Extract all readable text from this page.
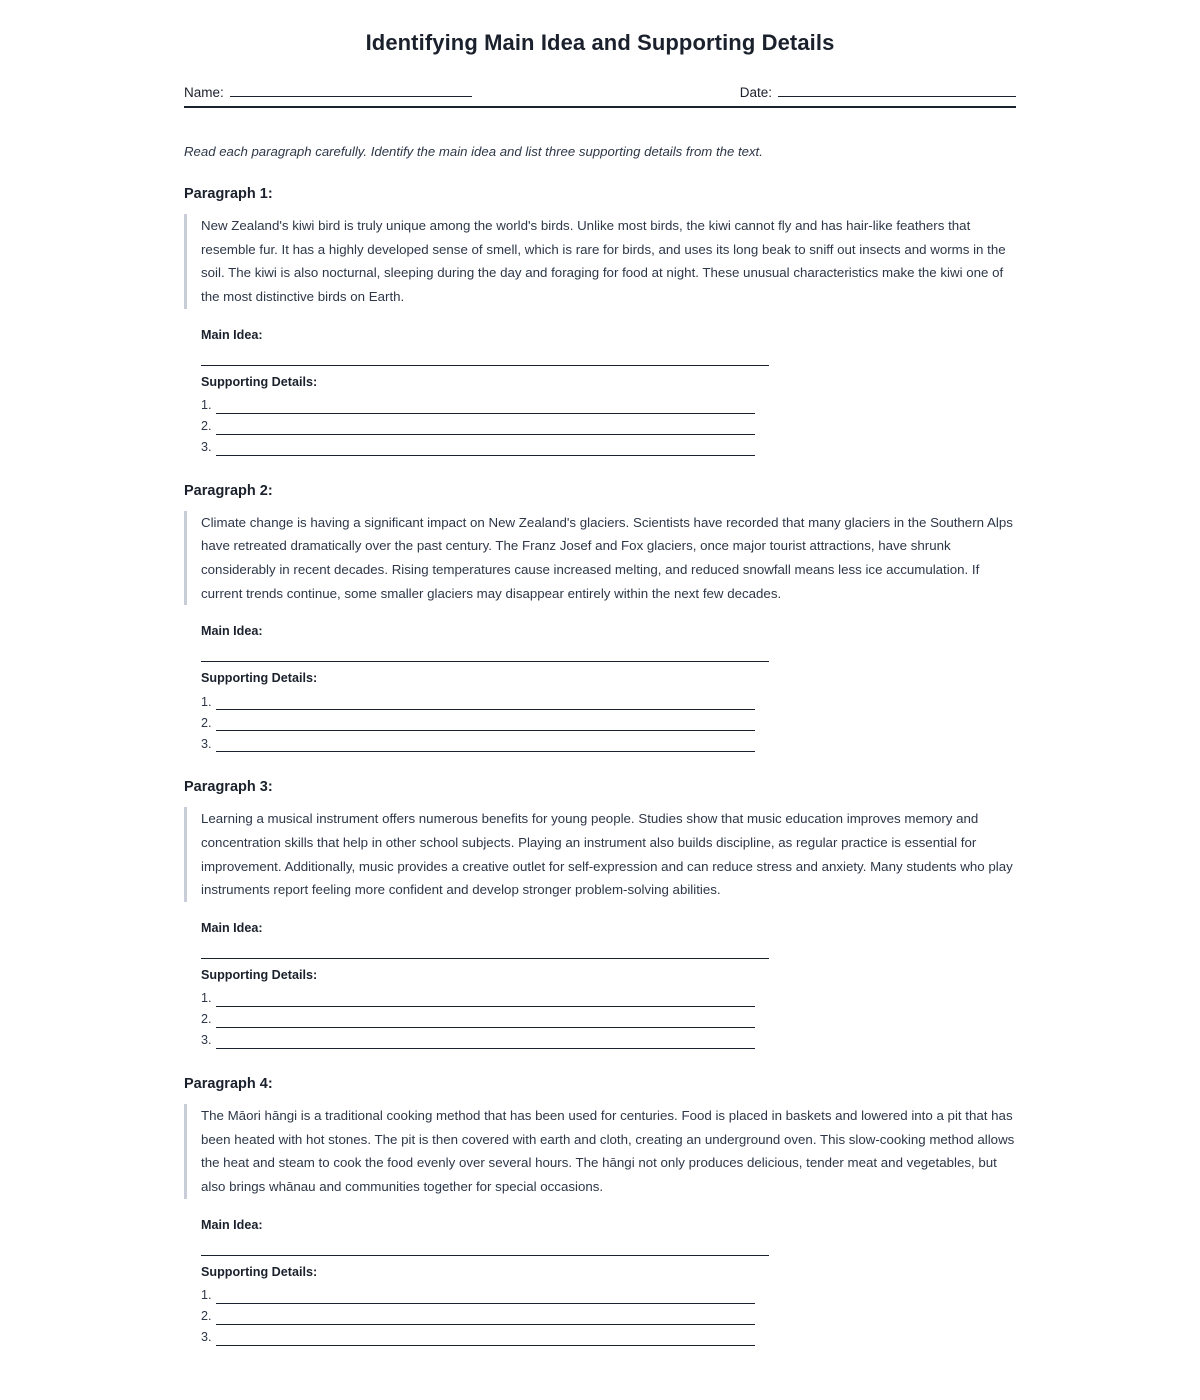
Identifying Main Idea and Supporting Details
Name:	Date:

Read each paragraph carefully. Identify the main idea and list three supporting details from the text.

Paragraph 1:

New Zealand's kiwi bird is truly unique among the world's birds. Unlike most birds, the kiwi cannot fly and has hair-like feathers that resemble fur. It has a highly developed sense of smell, which is rare for birds, and uses its long beak to sniff out insects and worms in the soil. The kiwi is also nocturnal, sleeping during the day and foraging for food at night. These unusual characteristics make the kiwi one of the most distinctive birds on Earth.

Main Idea:

Supporting Details:

1.
2.
3.
Paragraph 2:

Climate change is having a significant impact on New Zealand's glaciers. Scientists have recorded that many glaciers in the Southern Alps have retreated dramatically over the past century. The Franz Josef and Fox glaciers, once major tourist attractions, have shrunk considerably in recent decades. Rising temperatures cause increased melting, and reduced snowfall means less ice accumulation. If current trends continue, some smaller glaciers may disappear entirely within the next few decades.

Main Idea:

Supporting Details:

1.
2.
3.
Paragraph 3:

Learning a musical instrument offers numerous benefits for young people. Studies show that music education improves memory and concentration skills that help in other school subjects. Playing an instrument also builds discipline, as regular practice is essential for improvement. Additionally, music provides a creative outlet for self-expression and can reduce stress and anxiety. Many students who play instruments report feeling more confident and develop stronger problem-solving abilities.

Main Idea:

Supporting Details:

1.
2.
3.
Paragraph 4:

The Māori hāngi is a traditional cooking method that has been used for centuries. Food is placed in baskets and lowered into a pit that has been heated with hot stones. The pit is then covered with earth and cloth, creating an underground oven. This slow-cooking method allows the heat and steam to cook the food evenly over several hours. The hāngi not only produces delicious, tender meat and vegetables, but also brings whānau and communities together for special occasions.

Main Idea:

Supporting Details:

1.
2.
3.
